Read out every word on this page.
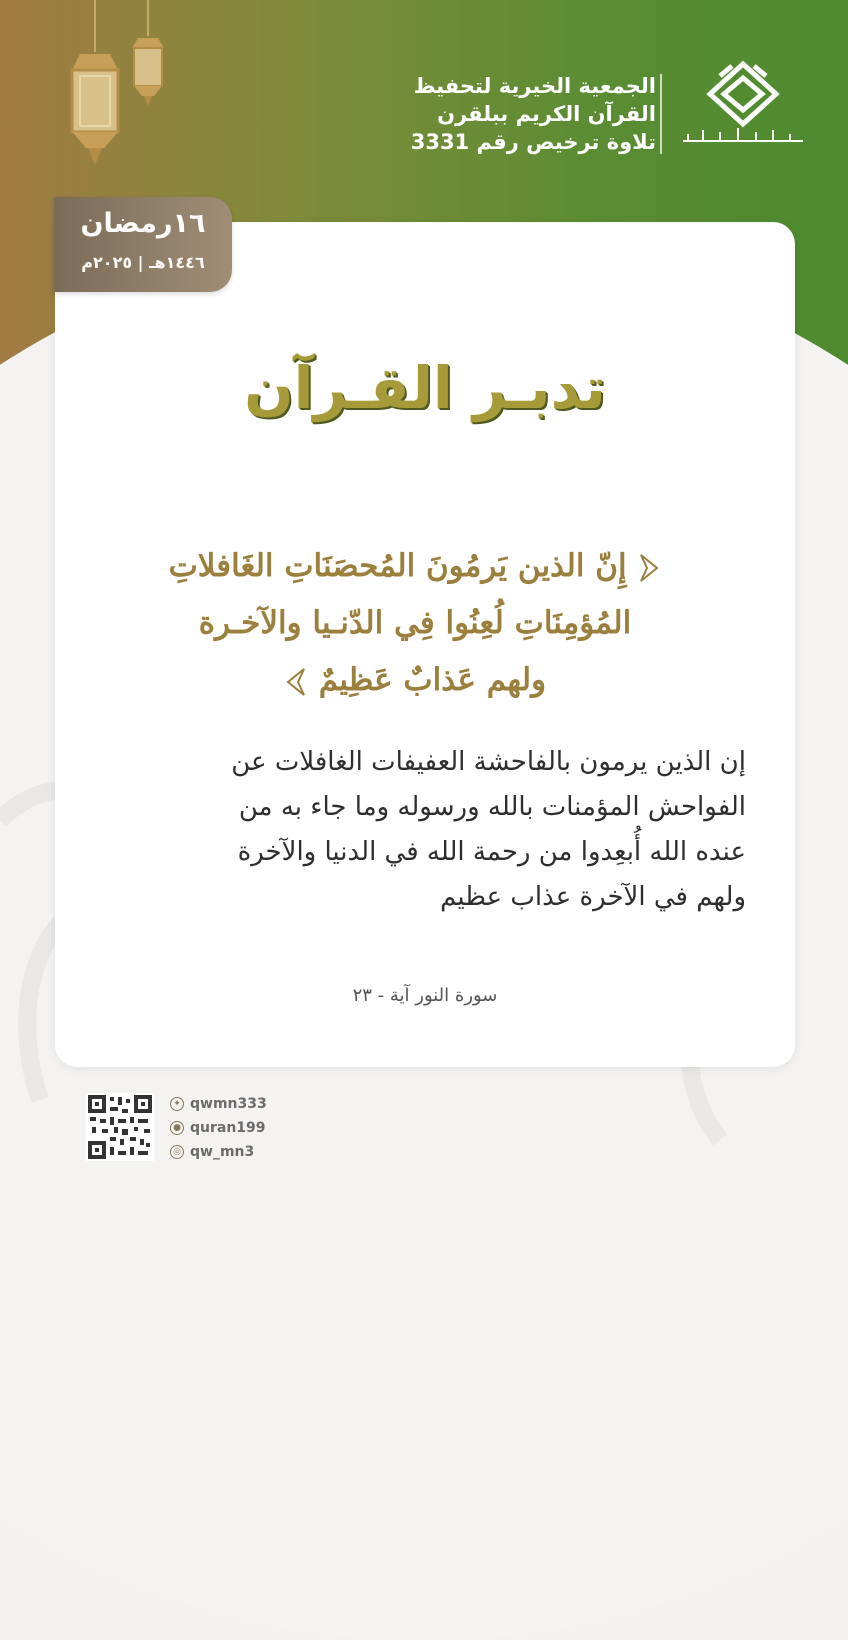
الجمعية الخيرية لتحفيظ
القرآن الكريم ببلقرن
تلاوة ترخيص رقم 3331
١٦رمضان
١٤٤٦هـ | ٢٠٢٥م
تدبـر القـرآن
إِنّ الذين يَرمُونَ المُحصَنَاتِ الغَافلاتِ
المُؤمِنَاتِ لُعِنُوا فِي الدّنـيا والآخـرة
ولهم عَذابٌ عَظِيمٌ
إن الذين يرمون بالفاحشة العفيفات الغافلات عن
الفواحش المؤمنات بالله ورسوله وما جاء به من
عنده الله أُبعِدوا من رحمة الله في الدنيا والآخرة
ولهم في الآخرة عذاب عظيم
سورة النور آية - ٢٣
✦ qwmn333
● quran199
◎ qw_mn3
